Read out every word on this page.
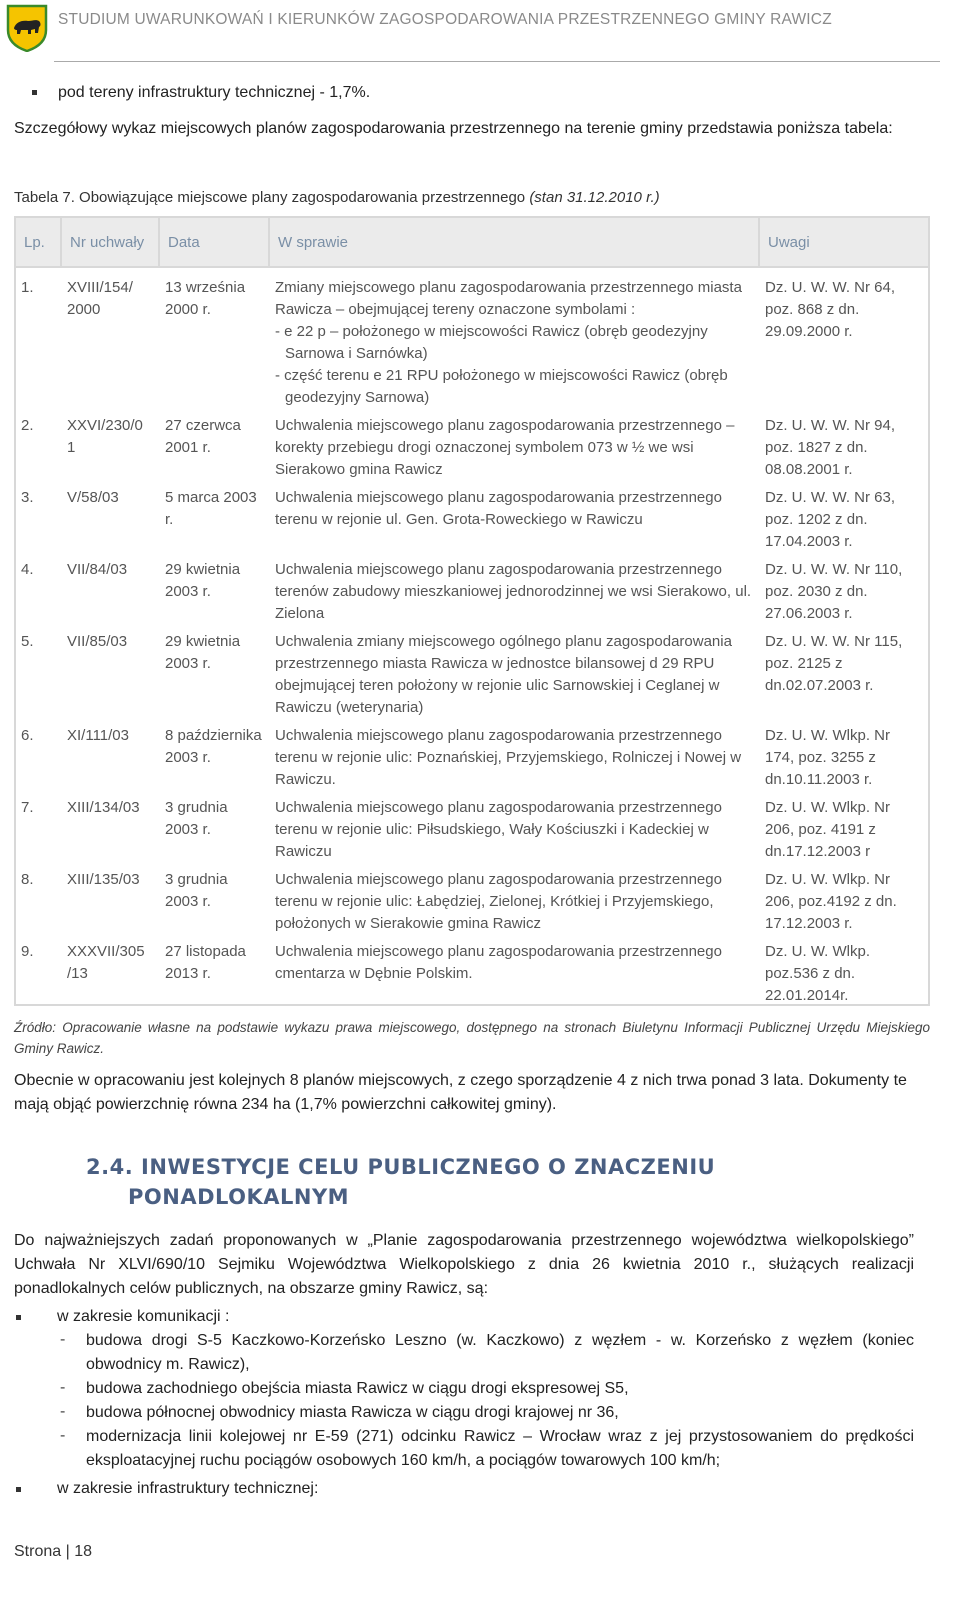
STUDIUM UWARUNKOWAŃ I KIERUNKÓW ZAGOSPODAROWANIA PRZESTRZENNEGO GMINY RAWICZ
pod tereny infrastruktury technicznej - 1,7%.
Szczegółowy wykaz miejscowych planów zagospodarowania przestrzennego na terenie gminy przedstawia poniższa tabela:
Tabela 7. Obowiązujące miejscowe plany zagospodarowania przestrzennego (stan 31.12.2010 r.)
Lp.	Nr uchwały	Data	W sprawie	Uwagi
1.	XVIII/154/ 2000	13 września 2000 r.	Zmiany miejscowego planu zagospodarowania przestrzennego miasta Rawicza – obejmującej tereny oznaczone symbolami :
- e 22 p – położonego w miejscowości Rawicz (obręb geodezyjny Sarnowa i Sarnówka)
- część terenu e 21 RPU położonego w miejscowości Rawicz (obręb geodezyjny Sarnowa)	Dz. U. W. W. Nr 64, poz. 868 z dn. 29.09.2000 r.
2.	XXVI/230/0 1	27 czerwca 2001 r.	Uchwalenia miejscowego planu zagospodarowania przestrzennego – korekty przebiegu drogi oznaczonej symbolem 073 w ½ we wsi Sierakowo gmina Rawicz	Dz. U. W. W. Nr 94, poz. 1827 z dn. 08.08.2001 r.
3.	V/58/03	5 marca 2003 r.	Uchwalenia miejscowego planu zagospodarowania przestrzennego terenu w rejonie ul. Gen. Grota-Roweckiego w Rawiczu	Dz. U. W. W. Nr 63, poz. 1202 z dn. 17.04.2003 r.
4.	VII/84/03	29 kwietnia 2003 r.	Uchwalenia miejscowego planu zagospodarowania przestrzennego terenów zabudowy mieszkaniowej jednorodzinnej we wsi Sierakowo, ul. Zielona	Dz. U. W. W. Nr 110, poz. 2030 z dn. 27.06.2003 r.
5.	VII/85/03	29 kwietnia 2003 r.	Uchwalenia zmiany miejscowego ogólnego planu zagospodarowania przestrzennego miasta Rawicza w jednostce bilansowej d 29 RPU obejmującej teren położony w rejonie ulic Sarnowskiej i Ceglanej w Rawiczu (weterynaria)	Dz. U. W. W. Nr 115, poz. 2125 z dn.02.07.2003 r.
6.	XI/111/03	8 października 2003 r.	Uchwalenia miejscowego planu zagospodarowania przestrzennego terenu w rejonie ulic: Poznańskiej, Przyjemskiego, Rolniczej i Nowej w Rawiczu.	Dz. U. W. Wlkp. Nr 174, poz. 3255 z dn.10.11.2003 r.
7.	XIII/134/03	3 grudnia 2003 r.	Uchwalenia miejscowego planu zagospodarowania przestrzennego terenu w rejonie ulic: Piłsudskiego, Wały Kościuszki i Kadeckiej w Rawiczu	Dz. U. W. Wlkp. Nr 206, poz. 4191 z dn.17.12.2003 r
8.	XIII/135/03	3 grudnia 2003 r.	Uchwalenia miejscowego planu zagospodarowania przestrzennego terenu w rejonie ulic: Łabędziej, Zielonej, Krótkiej i Przyjemskiego, położonych w Sierakowie gmina Rawicz	Dz. U. W. Wlkp. Nr 206, poz.4192 z dn. 17.12.2003 r.
9.	XXXVII/305 /13	27 listopada 2013 r.	Uchwalenia miejscowego planu zagospodarowania przestrzennego cmentarza w Dębnie Polskim.	Dz. U. W. Wlkp. poz.536 z dn. 22.01.2014r.
Źródło: Opracowanie własne na podstawie wykazu prawa miejscowego, dostępnego na stronach Biuletynu Informacji Publicznej Urzędu Miejskiego Gminy Rawicz.
Obecnie w opracowaniu jest kolejnych 8 planów miejscowych, z czego sporządzenie 4 z nich trwa ponad 3 lata. Dokumenty te mają objąć powierzchnię równa 234 ha (1,7% powierzchni całkowitej gminy).
2.4. INWESTYCJE CELU PUBLICZNEGO O ZNACZENIU
PONADLOKALNYM
Do najważniejszych zadań proponowanych w „Planie zagospodarowania przestrzennego województwa wielkopolskiego” Uchwała Nr XLVI/690/10 Sejmiku Województwa Wielkopolskiego z dnia 26 kwietnia 2010 r., służących realizacji ponadlokalnych celów publicznych, na obszarze gminy Rawicz, są:
w zakresie komunikacji :
- budowa drogi S-5 Kaczkowo-Korzeńsko Leszno (w. Kaczkowo) z węzłem - w. Korzeńsko z węzłem (koniec obwodnicy m. Rawicz),
- budowa zachodniego obejścia miasta Rawicz w ciągu drogi ekspresowej S5,
- budowa północnej obwodnicy miasta Rawicza w ciągu drogi krajowej nr 36,
- modernizacja linii kolejowej nr E-59 (271) odcinku Rawicz – Wrocław wraz z jej przystosowaniem do prędkości eksploatacyjnej ruchu pociągów osobowych 160 km/h, a pociągów towarowych 100 km/h;
w zakresie infrastruktury technicznej:
Strona | 18
